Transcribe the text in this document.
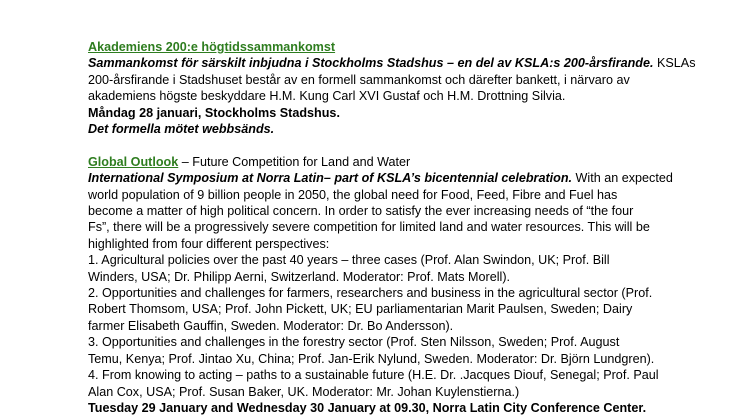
Akademiens 200:e högtidssammankomst
Sammankomst för särskilt inbjudna i Stockholms Stadshus – en del av KSLA:s 200-årsfirande. KSLAs
200-årsfirande i Stadshuset består av en formell sammankomst och därefter bankett, i närvaro av
akademiens högste beskyddare H.M. Kung Carl XVI Gustaf och H.M. Drottning Silvia.
Måndag 28 januari, Stockholms Stadshus.
Det formella mötet webbsänds.
Global Outlook – Future Competition for Land and Water
International Symposium at Norra Latin– part of KSLA’s bicentennial celebration. With an expected
world population of 9 billion people in 2050, the global need for Food, Feed, Fibre and Fuel has
become a matter of high political concern. In order to satisfy the ever increasing needs of “the four
Fs”, there will be a progressively severe competition for limited land and water resources. This will be
highlighted from four different perspectives:
1. Agricultural policies over the past 40 years – three cases (Prof. Alan Swindon, UK; Prof. Bill
Winders, USA; Dr. Philipp Aerni, Switzerland. Moderator: Prof. Mats Morell).
2. Opportunities and challenges for farmers, researchers and business in the agricultural sector (Prof.
Robert Thomsom, USA; Prof. John Pickett, UK; EU parliamentarian Marit Paulsen, Sweden; Dairy
farmer Elisabeth Gauffin, Sweden. Moderator: Dr. Bo Andersson).
3. Opportunities and challenges in the forestry sector (Prof. Sten Nilsson, Sweden; Prof. August
Temu, Kenya; Prof. Jintao Xu, China; Prof. Jan-Erik Nylund, Sweden. Moderator: Dr. Björn Lundgren).
4. From knowing to acting – paths to a sustainable future (H.E. Dr. .Jacques Diouf, Senegal; Prof. Paul
Alan Cox, USA; Prof. Susan Baker, UK. Moderator: Mr. Johan Kuylenstierna.)
Tuesday 29 January and Wednesday 30 January at 09.30, Norra Latin City Conference Center.
